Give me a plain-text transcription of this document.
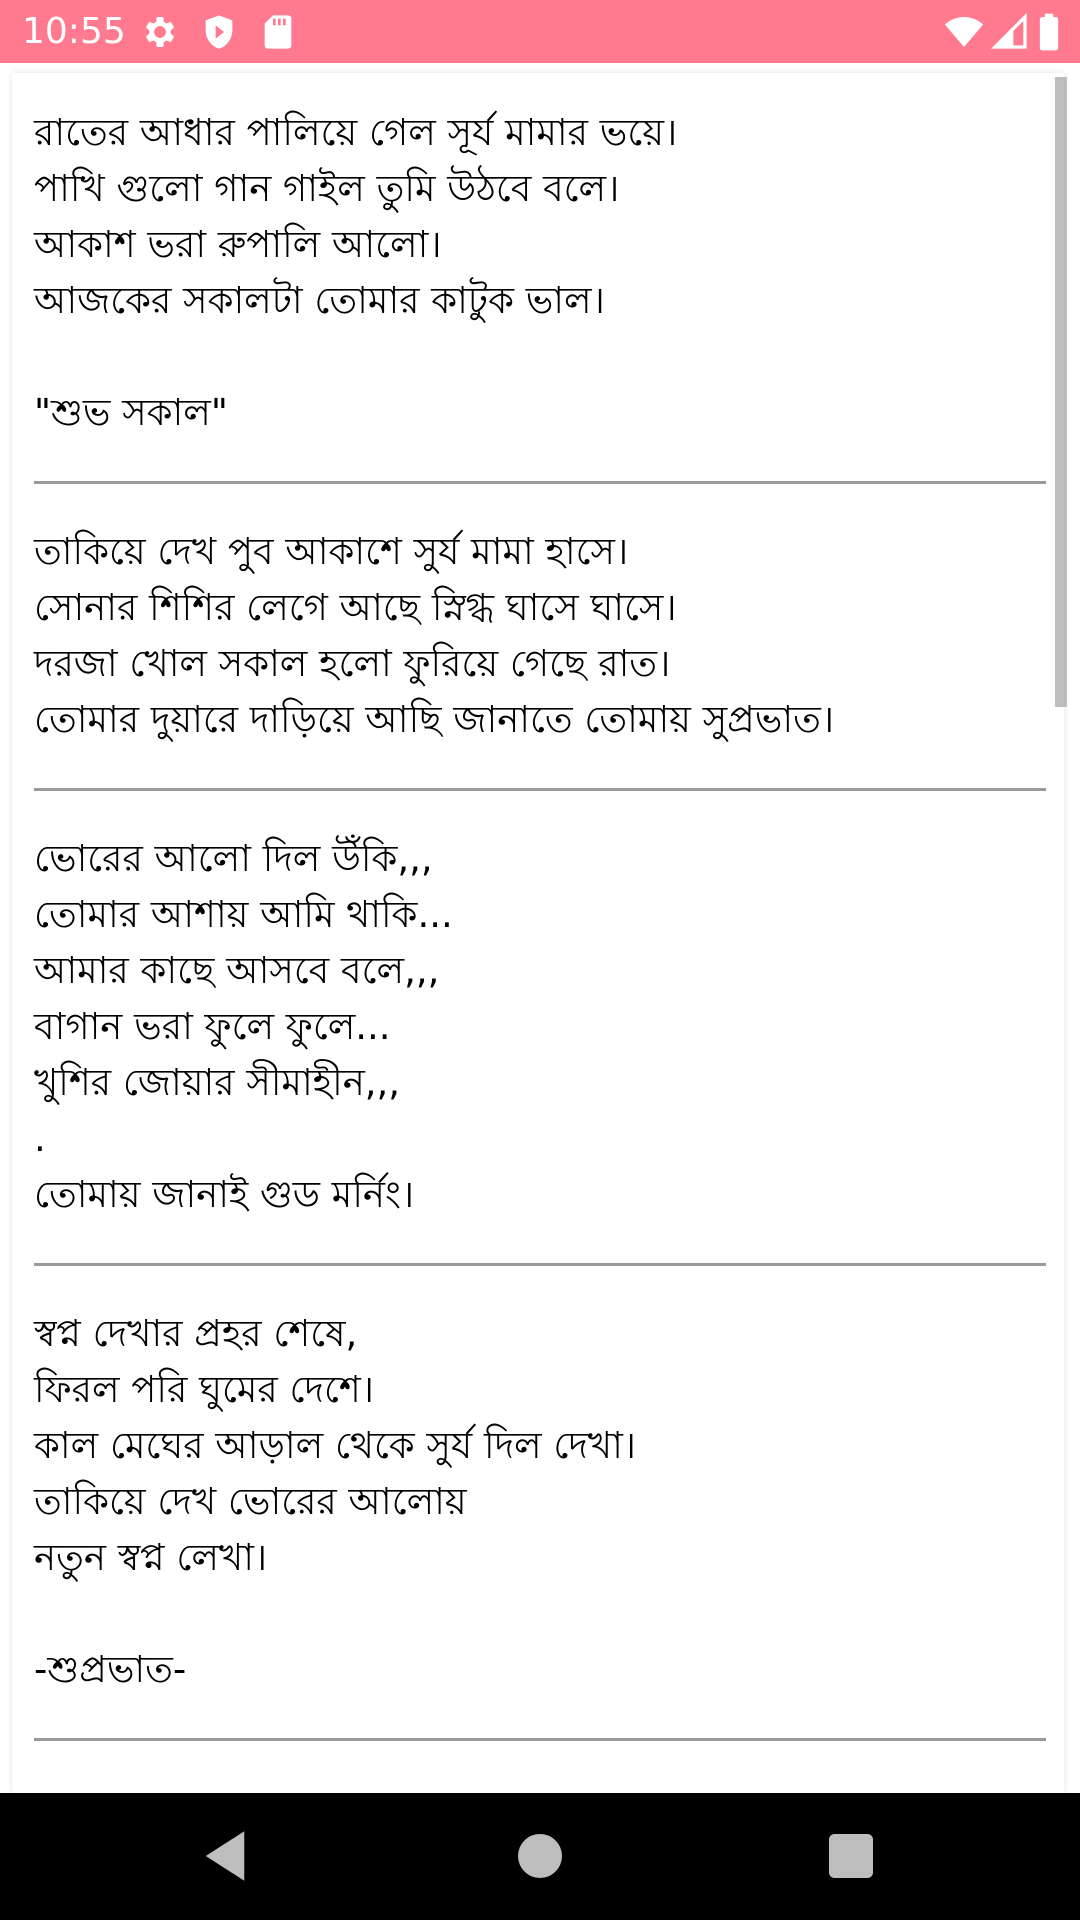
10:55
রাতের আধার পালিয়ে গেল সূর্য মামার ভয়ে।
পাখি গুলো গান গাইল তুমি উঠবে বলে।
আকাশ ভরা রুপালি আলো।
আজকের সকালটা তোমার কাটুক ভাল।
"শুভ সকাল"
তাকিয়ে দেখ পুব আকাশে সুর্য মামা হাসে।
সোনার শিশির লেগে আছে স্নিগ্ধ ঘাসে ঘাসে।
দরজা খোল সকাল হলো ফুরিয়ে গেছে রাত।
তোমার দুয়ারে দাড়িয়ে আছি জানাতে তোমায় সুপ্রভাত।
ভোরের আলো দিল উঁকি,,,
তোমার আশায় আমি থাকি...
আমার কাছে আসবে বলে,,,
বাগান ভরা ফুলে ফুলে...
খুশির জোয়ার সীমাহীন,,,
.
তোমায় জানাই গুড মর্নিং।
স্বপ্ন দেখার প্রহর শেষে,
ফিরল পরি ঘুমের দেশে।
কাল মেঘের আড়াল থেকে সুর্য দিল দেখা।
তাকিয়ে দেখ ভোরের আলোয়
নতুন স্বপ্ন লেখা।
-শুপ্রভাত-
